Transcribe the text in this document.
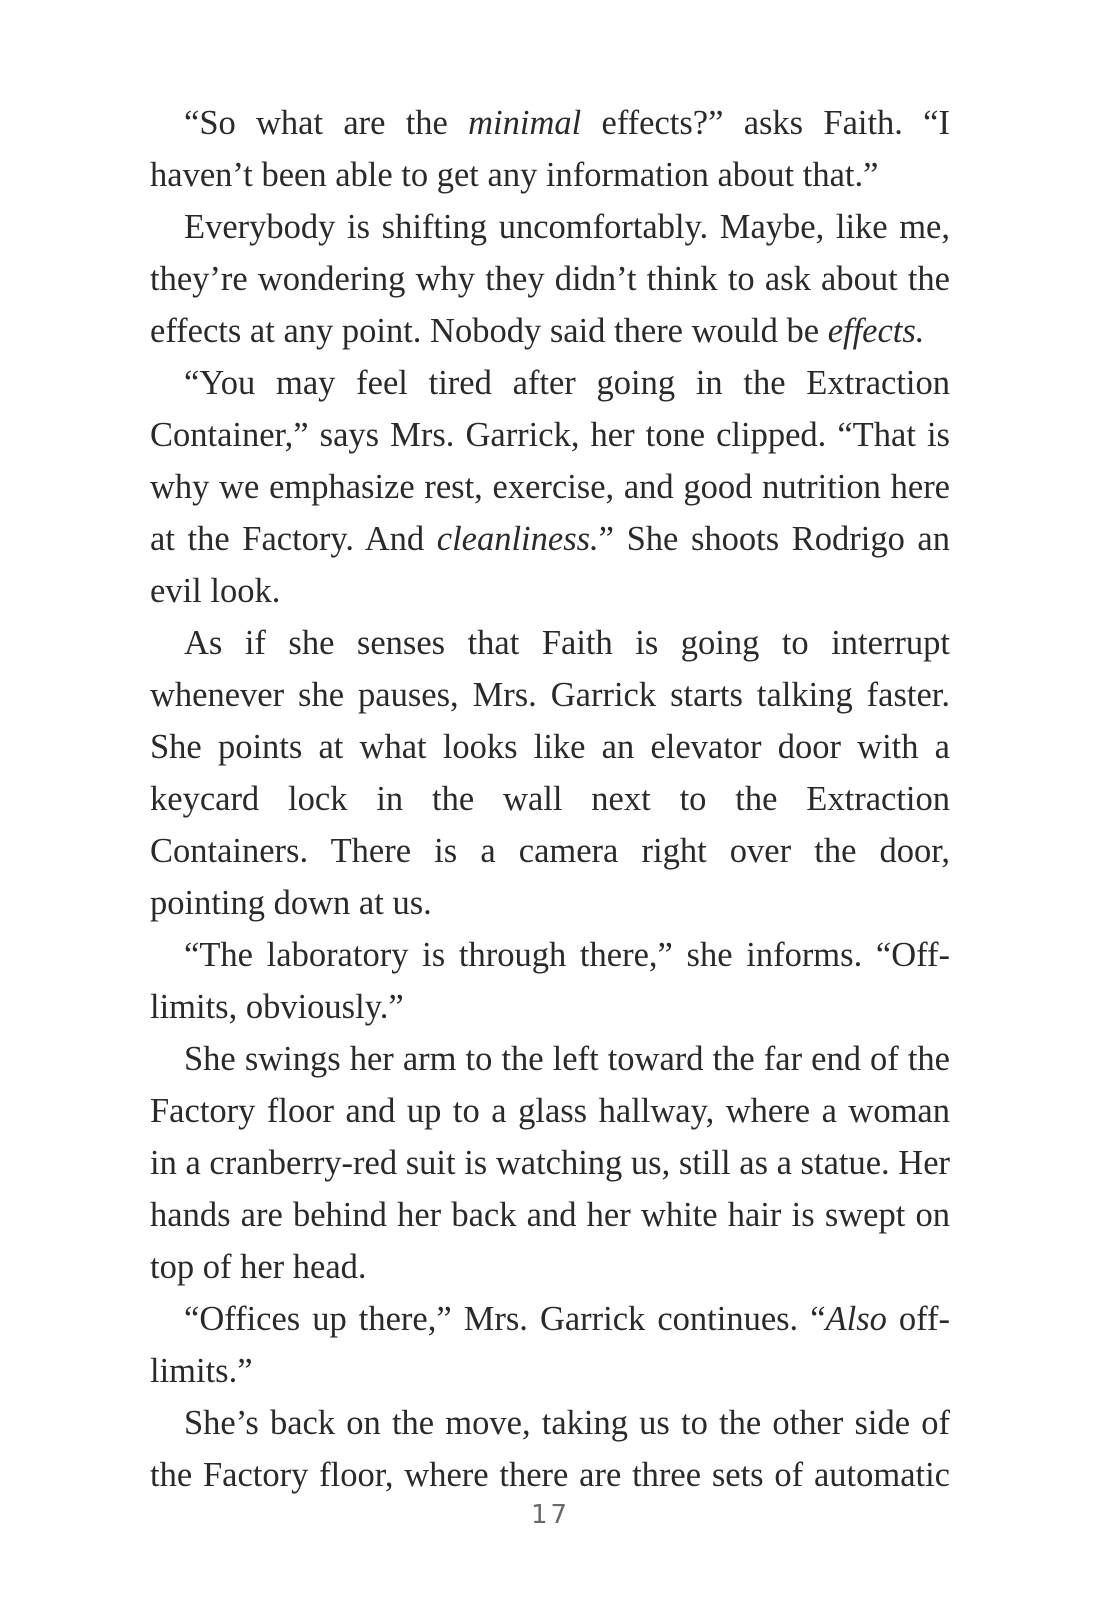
“So what are the minimal effects?” asks Faith. “I haven’t been able to get any information about that.”

Everybody is shifting uncomfortably. Maybe, like me, they’re wondering why they didn’t think to ask about the effects at any point. Nobody said there would be effects.

“You may feel tired after going in the Extraction Container,” says Mrs. Garrick, her tone clipped. “That is why we emphasize rest, exercise, and good nutrition here at the Factory. And cleanliness.” She shoots Rodrigo an evil look.

As if she senses that Faith is going to interrupt whenever she pauses, Mrs. Garrick starts talking faster. She points at what looks like an elevator door with a keycard lock in the wall next to the Extraction Containers. There is a camera right over the door, pointing down at us.

“The laboratory is through there,” she informs. “Off-limits, obviously.”

She swings her arm to the left toward the far end of the Factory floor and up to a glass hallway, where a woman in a cranberry-red suit is watching us, still as a statue. Her hands are behind her back and her white hair is swept on top of her head.

“Offices up there,” Mrs. Garrick continues. “Also off-limits.”

She’s back on the move, taking us to the other side of the Factory floor, where there are three sets of automatic

17
